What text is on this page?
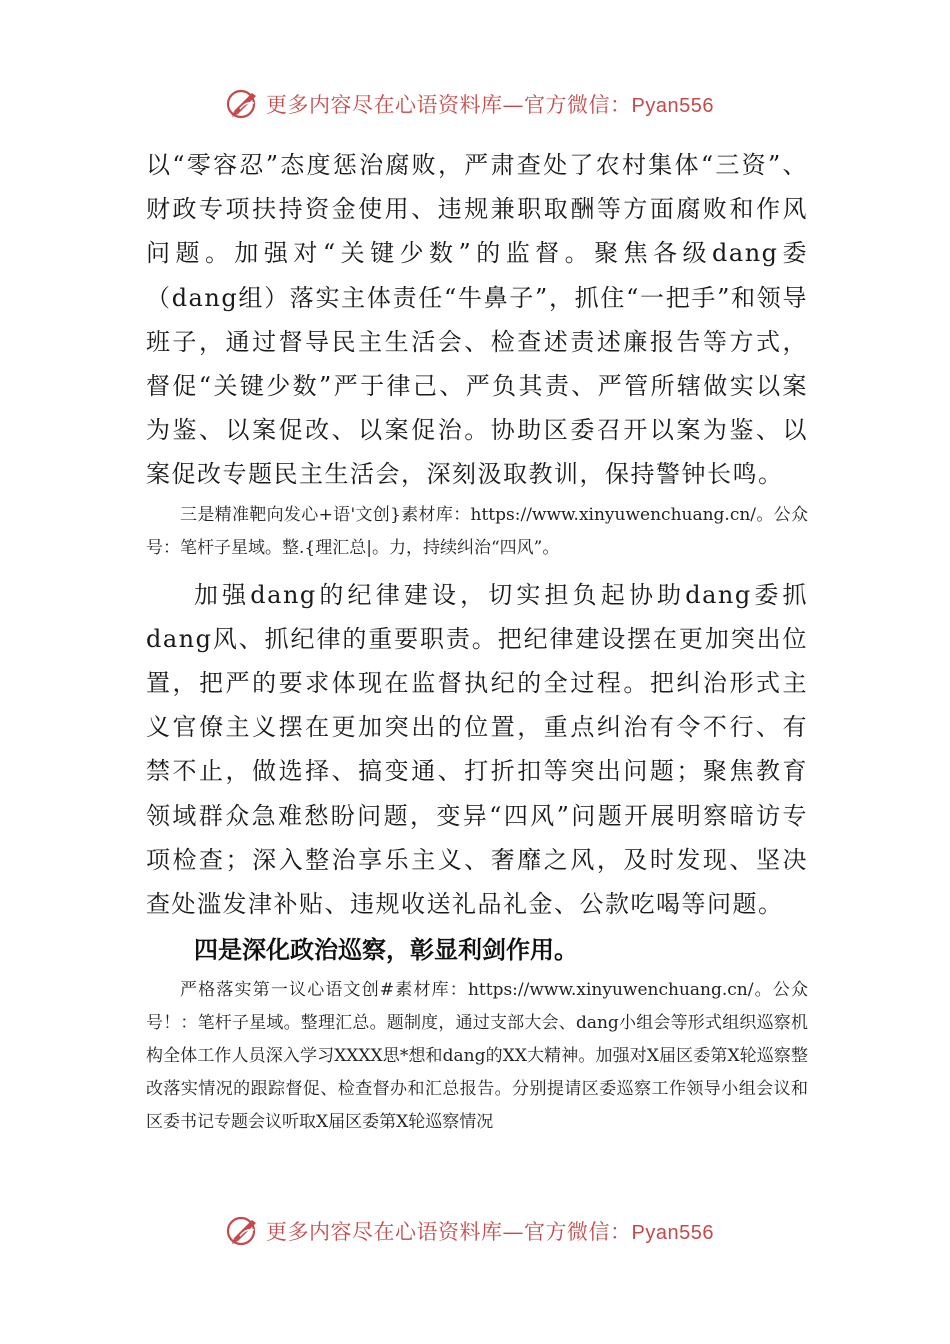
更多内容尽在心语资料库—官方微信：Pyan556

以“零容忍”态度惩治腐败，严肃查处了农村集体“三资”、财政专项扶持资金使用、违规兼职取酬等方面腐败和作风问题。加强对“关键少数”的监督。聚焦各级dang委（dang组）落实主体责任“牛鼻子”，抓住“一把手”和领导班子，通过督导民主生活会、检查述责述廉报告等方式，督促“关键少数”严于律己、严负其责、严管所辖做实以案为鉴、以案促改、以案促治。协助区委召开以案为鉴、以案促改专题民主生活会，深刻汲取教训，保持警钟长鸣。

三是精准靶向发心+语'文创}素材库：https://www.xinyuwenchuang.cn/。公众号：笔杆子星域。整.{理汇总|。力，持续纠治“四风”。

加强dang的纪律建设，切实担负起协助dang委抓dang风、抓纪律的重要职责。把纪律建设摆在更加突出位置，把严的要求体现在监督执纪的全过程。把纠治形式主义官僚主义摆在更加突出的位置，重点纠治有令不行、有禁不止，做选择、搞变通、打折扣等突出问题；聚焦教育领域群众急难愁盼问题，变异“四风”问题开展明察暗访专项检查；深入整治享乐主义、奢靡之风，及时发现、坚决查处滥发津补贴、违规收送礼品礼金、公款吃喝等问题。

四是深化政治巡察，彰显利剑作用。

严格落实第一议心语文创#素材库：https://www.xinyuwenchuang.cn/。公众号！：笔杆子星域。整理汇总。题制度，通过支部大会、dang小组会等形式组织巡察机构全体工作人员深入学习XXXX思*想和dang的XX大精神。加强对X届区委第X轮巡察整改落实情况的跟踪督促、检查督办和汇总报告。分别提请区委巡察工作领导小组会议和区委书记专题会议听取X届区委第X轮巡察情况

更多内容尽在心语资料库—官方微信：Pyan556
